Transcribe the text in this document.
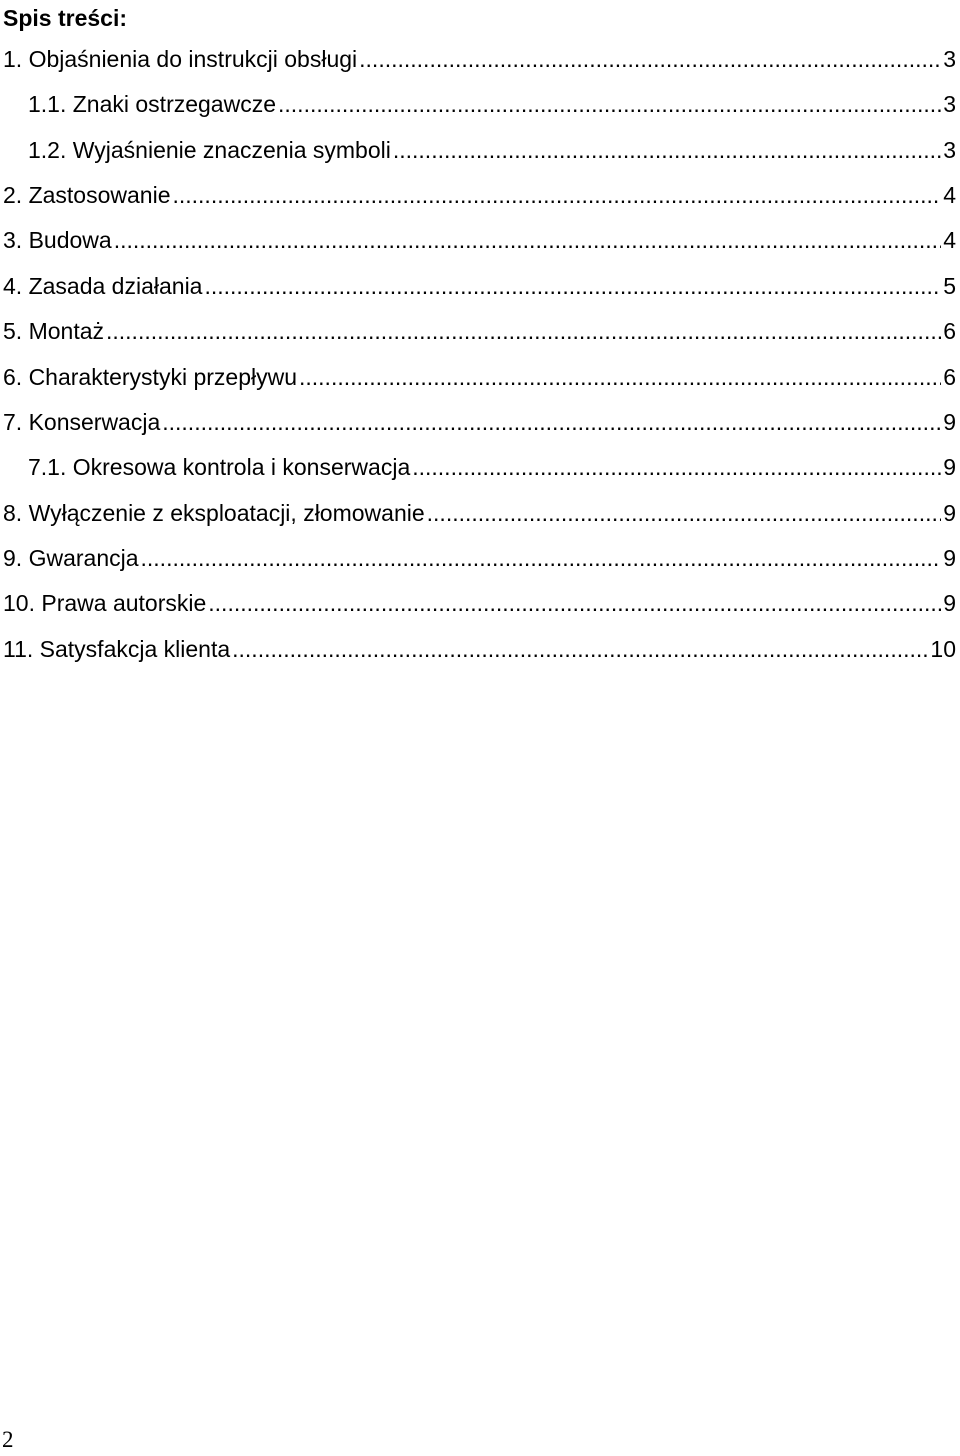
Spis treści:
1. Objaśnienia do instrukcji obsługi .....	3
1.1. Znaki ostrzegawcze .....	3
1.2. Wyjaśnienie znaczenia symboli .....	3
2. Zastosowanie .....	4
3. Budowa .....	4
4. Zasada działania .....	5
5. Montaż .....	6
6. Charakterystyki przepływu .....	6
7. Konserwacja .....	9
7.1. Okresowa kontrola i konserwacja .....	9
8. Wyłączenie z eksploatacji, złomowanie .....	9
9. Gwarancja .....	9
10. Prawa autorskie .....	9
11. Satysfakcja klienta .....	10
2
